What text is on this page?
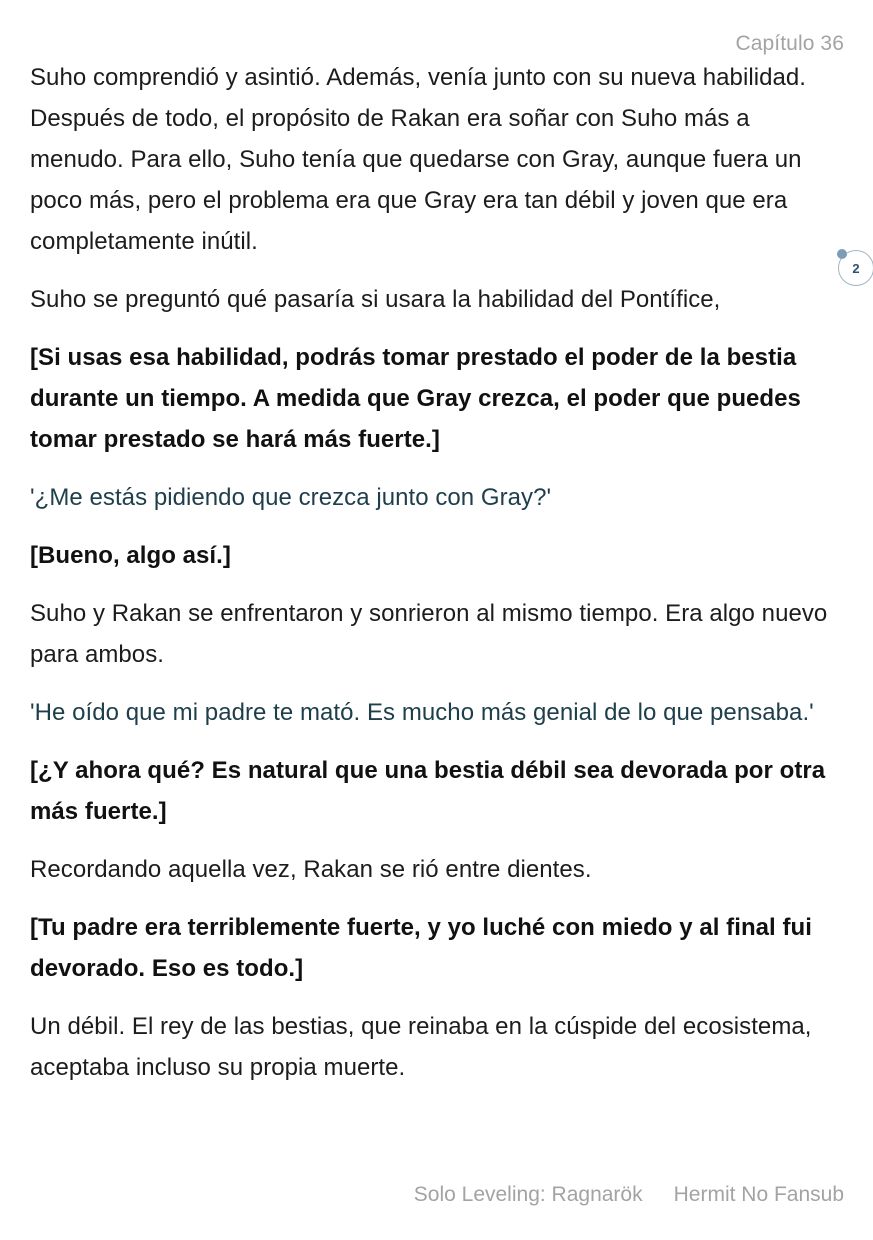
Capítulo 36

Suho comprendió y asintió. Además, venía junto con su nueva habilidad. Después de todo, el propósito de Rakan era soñar con Suho más a menudo. Para ello, Suho tenía que quedarse con Gray, aunque fuera un poco más, pero el problema era que Gray era tan débil y joven que era completamente inútil.

Suho se preguntó qué pasaría si usara la habilidad del Pontífice,

[Si usas esa habilidad, podrás tomar prestado el poder de la bestia durante un tiempo. A medida que Gray crezca, el poder que puedes tomar prestado se hará más fuerte.]

'¿Me estás pidiendo que crezca junto con Gray?'

[Bueno, algo así.]

Suho y Rakan se enfrentaron y sonrieron al mismo tiempo. Era algo nuevo para ambos.

'He oído que mi padre te mató. Es mucho más genial de lo que pensaba.'

[¿Y ahora qué? Es natural que una bestia débil sea devorada por otra más fuerte.]

Recordando aquella vez, Rakan se rió entre dientes.

[Tu padre era terriblemente fuerte, y yo luché con miedo y al final fui devorado. Eso es todo.]

Un débil. El rey de las bestias, que reinaba en la cúspide del ecosistema, aceptaba incluso su propia muerte.

2
Solo Leveling: Ragnarök Hermit No Fansub
